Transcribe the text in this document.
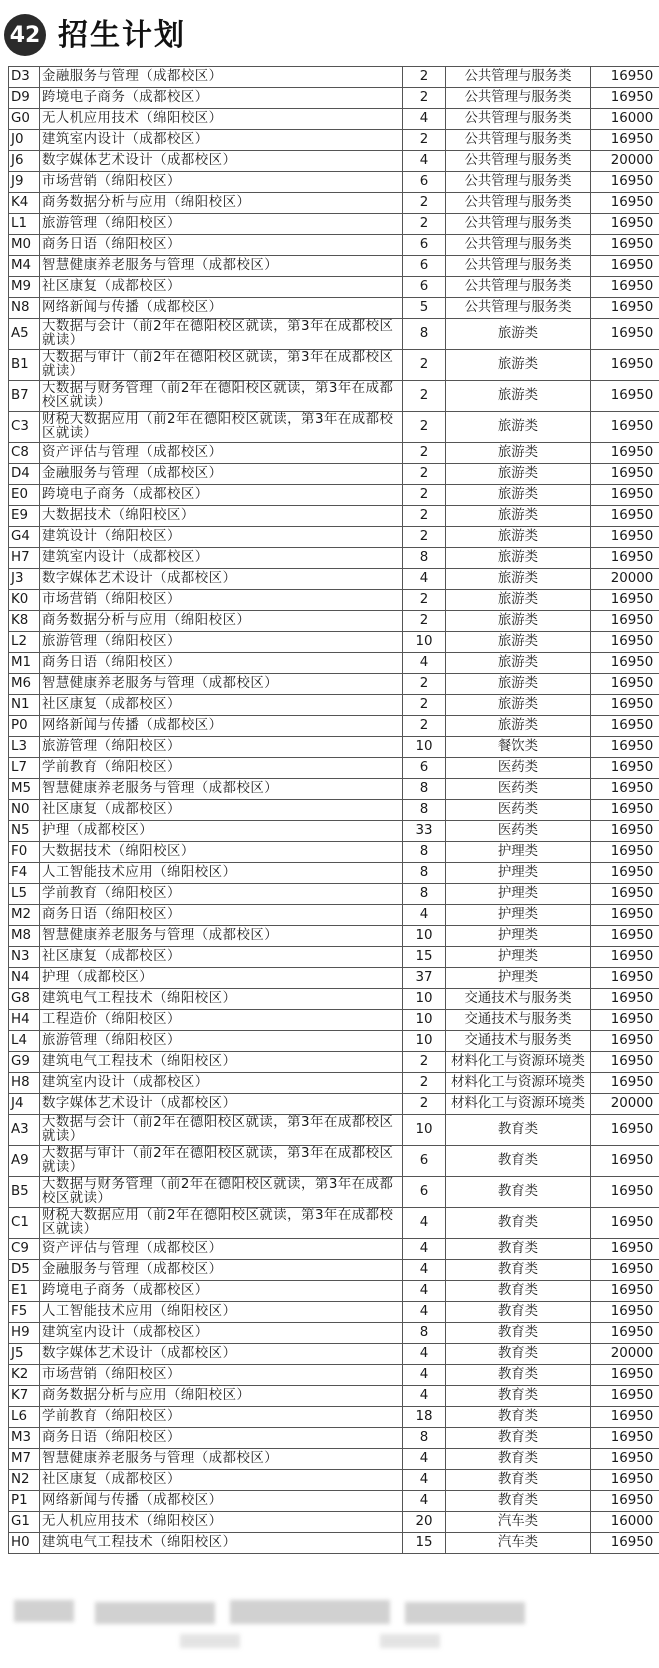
42 招生计划
D3	金融服务与管理（成都校区）	2	公共管理与服务类	16950
D9	跨境电子商务（成都校区）	2	公共管理与服务类	16950
G0	无人机应用技术（绵阳校区）	4	公共管理与服务类	16000
J0	建筑室内设计（成都校区）	2	公共管理与服务类	16950
J6	数字媒体艺术设计（成都校区）	4	公共管理与服务类	20000
J9	市场营销（绵阳校区）	6	公共管理与服务类	16950
K4	商务数据分析与应用（绵阳校区）	2	公共管理与服务类	16950
L1	旅游管理（绵阳校区）	2	公共管理与服务类	16950
M0	商务日语（绵阳校区）	6	公共管理与服务类	16950
M4	智慧健康养老服务与管理（成都校区）	6	公共管理与服务类	16950
M9	社区康复（成都校区）	6	公共管理与服务类	16950
N8	网络新闻与传播（成都校区）	5	公共管理与服务类	16950
A5	大数据与会计（前2年在德阳校区就读，第3年在成都校区就读）	8	旅游类	16950
B1	大数据与审计（前2年在德阳校区就读，第3年在成都校区就读）	2	旅游类	16950
B7	大数据与财务管理（前2年在德阳校区就读，第3年在成都校区就读）	2	旅游类	16950
C3	财税大数据应用（前2年在德阳校区就读，第3年在成都校区就读）	2	旅游类	16950
C8	资产评估与管理（成都校区）	2	旅游类	16950
D4	金融服务与管理（成都校区）	2	旅游类	16950
E0	跨境电子商务（成都校区）	2	旅游类	16950
E9	大数据技术（绵阳校区）	2	旅游类	16950
G4	建筑设计（绵阳校区）	2	旅游类	16950
H7	建筑室内设计（成都校区）	8	旅游类	16950
J3	数字媒体艺术设计（成都校区）	4	旅游类	20000
K0	市场营销（绵阳校区）	2	旅游类	16950
K8	商务数据分析与应用（绵阳校区）	2	旅游类	16950
L2	旅游管理（绵阳校区）	10	旅游类	16950
M1	商务日语（绵阳校区）	4	旅游类	16950
M6	智慧健康养老服务与管理（成都校区）	2	旅游类	16950
N1	社区康复（成都校区）	2	旅游类	16950
P0	网络新闻与传播（成都校区）	2	旅游类	16950
L3	旅游管理（绵阳校区）	10	餐饮类	16950
L7	学前教育（绵阳校区）	6	医药类	16950
M5	智慧健康养老服务与管理（成都校区）	8	医药类	16950
N0	社区康复（成都校区）	8	医药类	16950
N5	护理（成都校区）	33	医药类	16950
F0	大数据技术（绵阳校区）	8	护理类	16950
F4	人工智能技术应用（绵阳校区）	8	护理类	16950
L5	学前教育（绵阳校区）	8	护理类	16950
M2	商务日语（绵阳校区）	4	护理类	16950
M8	智慧健康养老服务与管理（成都校区）	10	护理类	16950
N3	社区康复（成都校区）	15	护理类	16950
N4	护理（成都校区）	37	护理类	16950
G8	建筑电气工程技术（绵阳校区）	10	交通技术与服务类	16950
H4	工程造价（绵阳校区）	10	交通技术与服务类	16950
L4	旅游管理（绵阳校区）	10	交通技术与服务类	16950
G9	建筑电气工程技术（绵阳校区）	2	材料化工与资源环境类	16950
H8	建筑室内设计（成都校区）	2	材料化工与资源环境类	16950
J4	数字媒体艺术设计（成都校区）	2	材料化工与资源环境类	20000
A3	大数据与会计（前2年在德阳校区就读，第3年在成都校区就读）	10	教育类	16950
A9	大数据与审计（前2年在德阳校区就读，第3年在成都校区就读）	6	教育类	16950
B5	大数据与财务管理（前2年在德阳校区就读，第3年在成都校区就读）	6	教育类	16950
C1	财税大数据应用（前2年在德阳校区就读，第3年在成都校区就读）	4	教育类	16950
C9	资产评估与管理（成都校区）	4	教育类	16950
D5	金融服务与管理（成都校区）	4	教育类	16950
E1	跨境电子商务（成都校区）	4	教育类	16950
F5	人工智能技术应用（绵阳校区）	4	教育类	16950
H9	建筑室内设计（成都校区）	8	教育类	16950
J5	数字媒体艺术设计（成都校区）	4	教育类	20000
K2	市场营销（绵阳校区）	4	教育类	16950
K7	商务数据分析与应用（绵阳校区）	4	教育类	16950
L6	学前教育（绵阳校区）	18	教育类	16950
M3	商务日语（绵阳校区）	8	教育类	16950
M7	智慧健康养老服务与管理（成都校区）	4	教育类	16950
N2	社区康复（成都校区）	4	教育类	16950
P1	网络新闻与传播（成都校区）	4	教育类	16950
G1	无人机应用技术（绵阳校区）	20	汽车类	16000
H0	建筑电气工程技术（绵阳校区）	15	汽车类	16950
